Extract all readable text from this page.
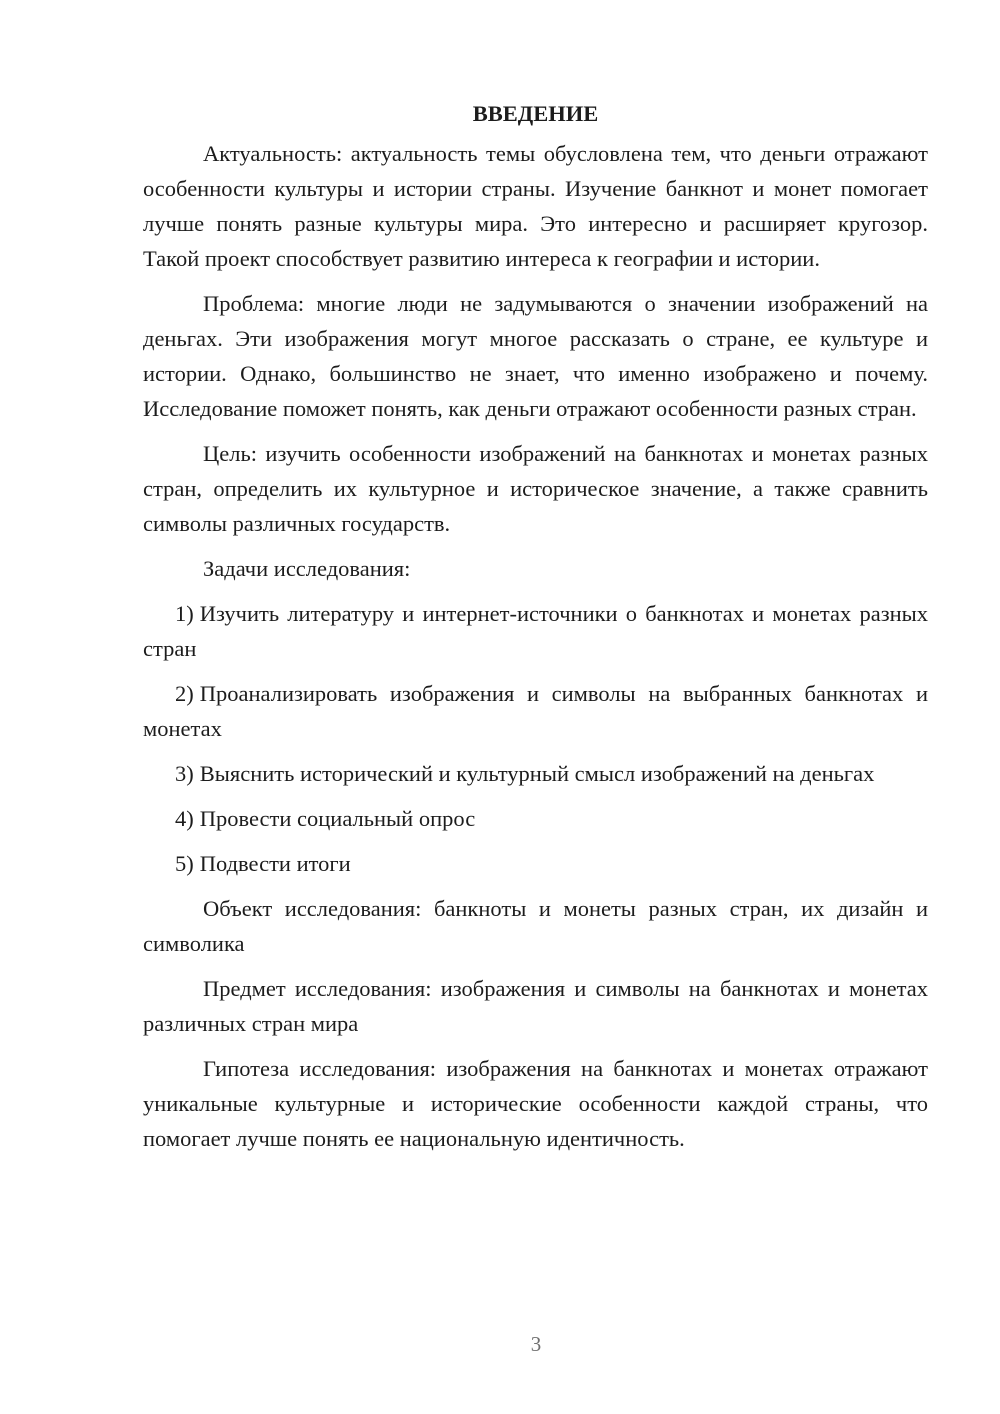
ВВЕДЕНИЕ

Актуальность: актуальность темы обусловлена тем, что деньги отражают особенности культуры и истории страны. Изучение банкнот и монет помогает лучше понять разные культуры мира. Это интересно и расширяет кругозор. Такой проект способствует развитию интереса к географии и истории.

Проблема: многие люди не задумываются о значении изображений на деньгах. Эти изображения могут многое рассказать о стране, ее культуре и истории. Однако, большинство не знает, что именно изображено и почему. Исследование поможет понять, как деньги отражают особенности разных стран.

Цель: изучить особенности изображений на банкнотах и монетах разных стран, определить их культурное и историческое значение, а также сравнить символы различных государств.

Задачи исследования:

1) Изучить литературу и интернет-источники о банкнотах и монетах разных стран

2) Проанализировать изображения и символы на выбранных банкнотах и монетах

3) Выяснить исторический и культурный смысл изображений на деньгах

4) Провести социальный опрос

5) Подвести итоги

Объект исследования: банкноты и монеты разных стран, их дизайн и символика

Предмет исследования: изображения и символы на банкнотах и монетах различных стран мира

Гипотеза исследования: изображения на банкнотах и монетах отражают уникальные культурные и исторические особенности каждой страны, что помогает лучше понять ее национальную идентичность.

3
